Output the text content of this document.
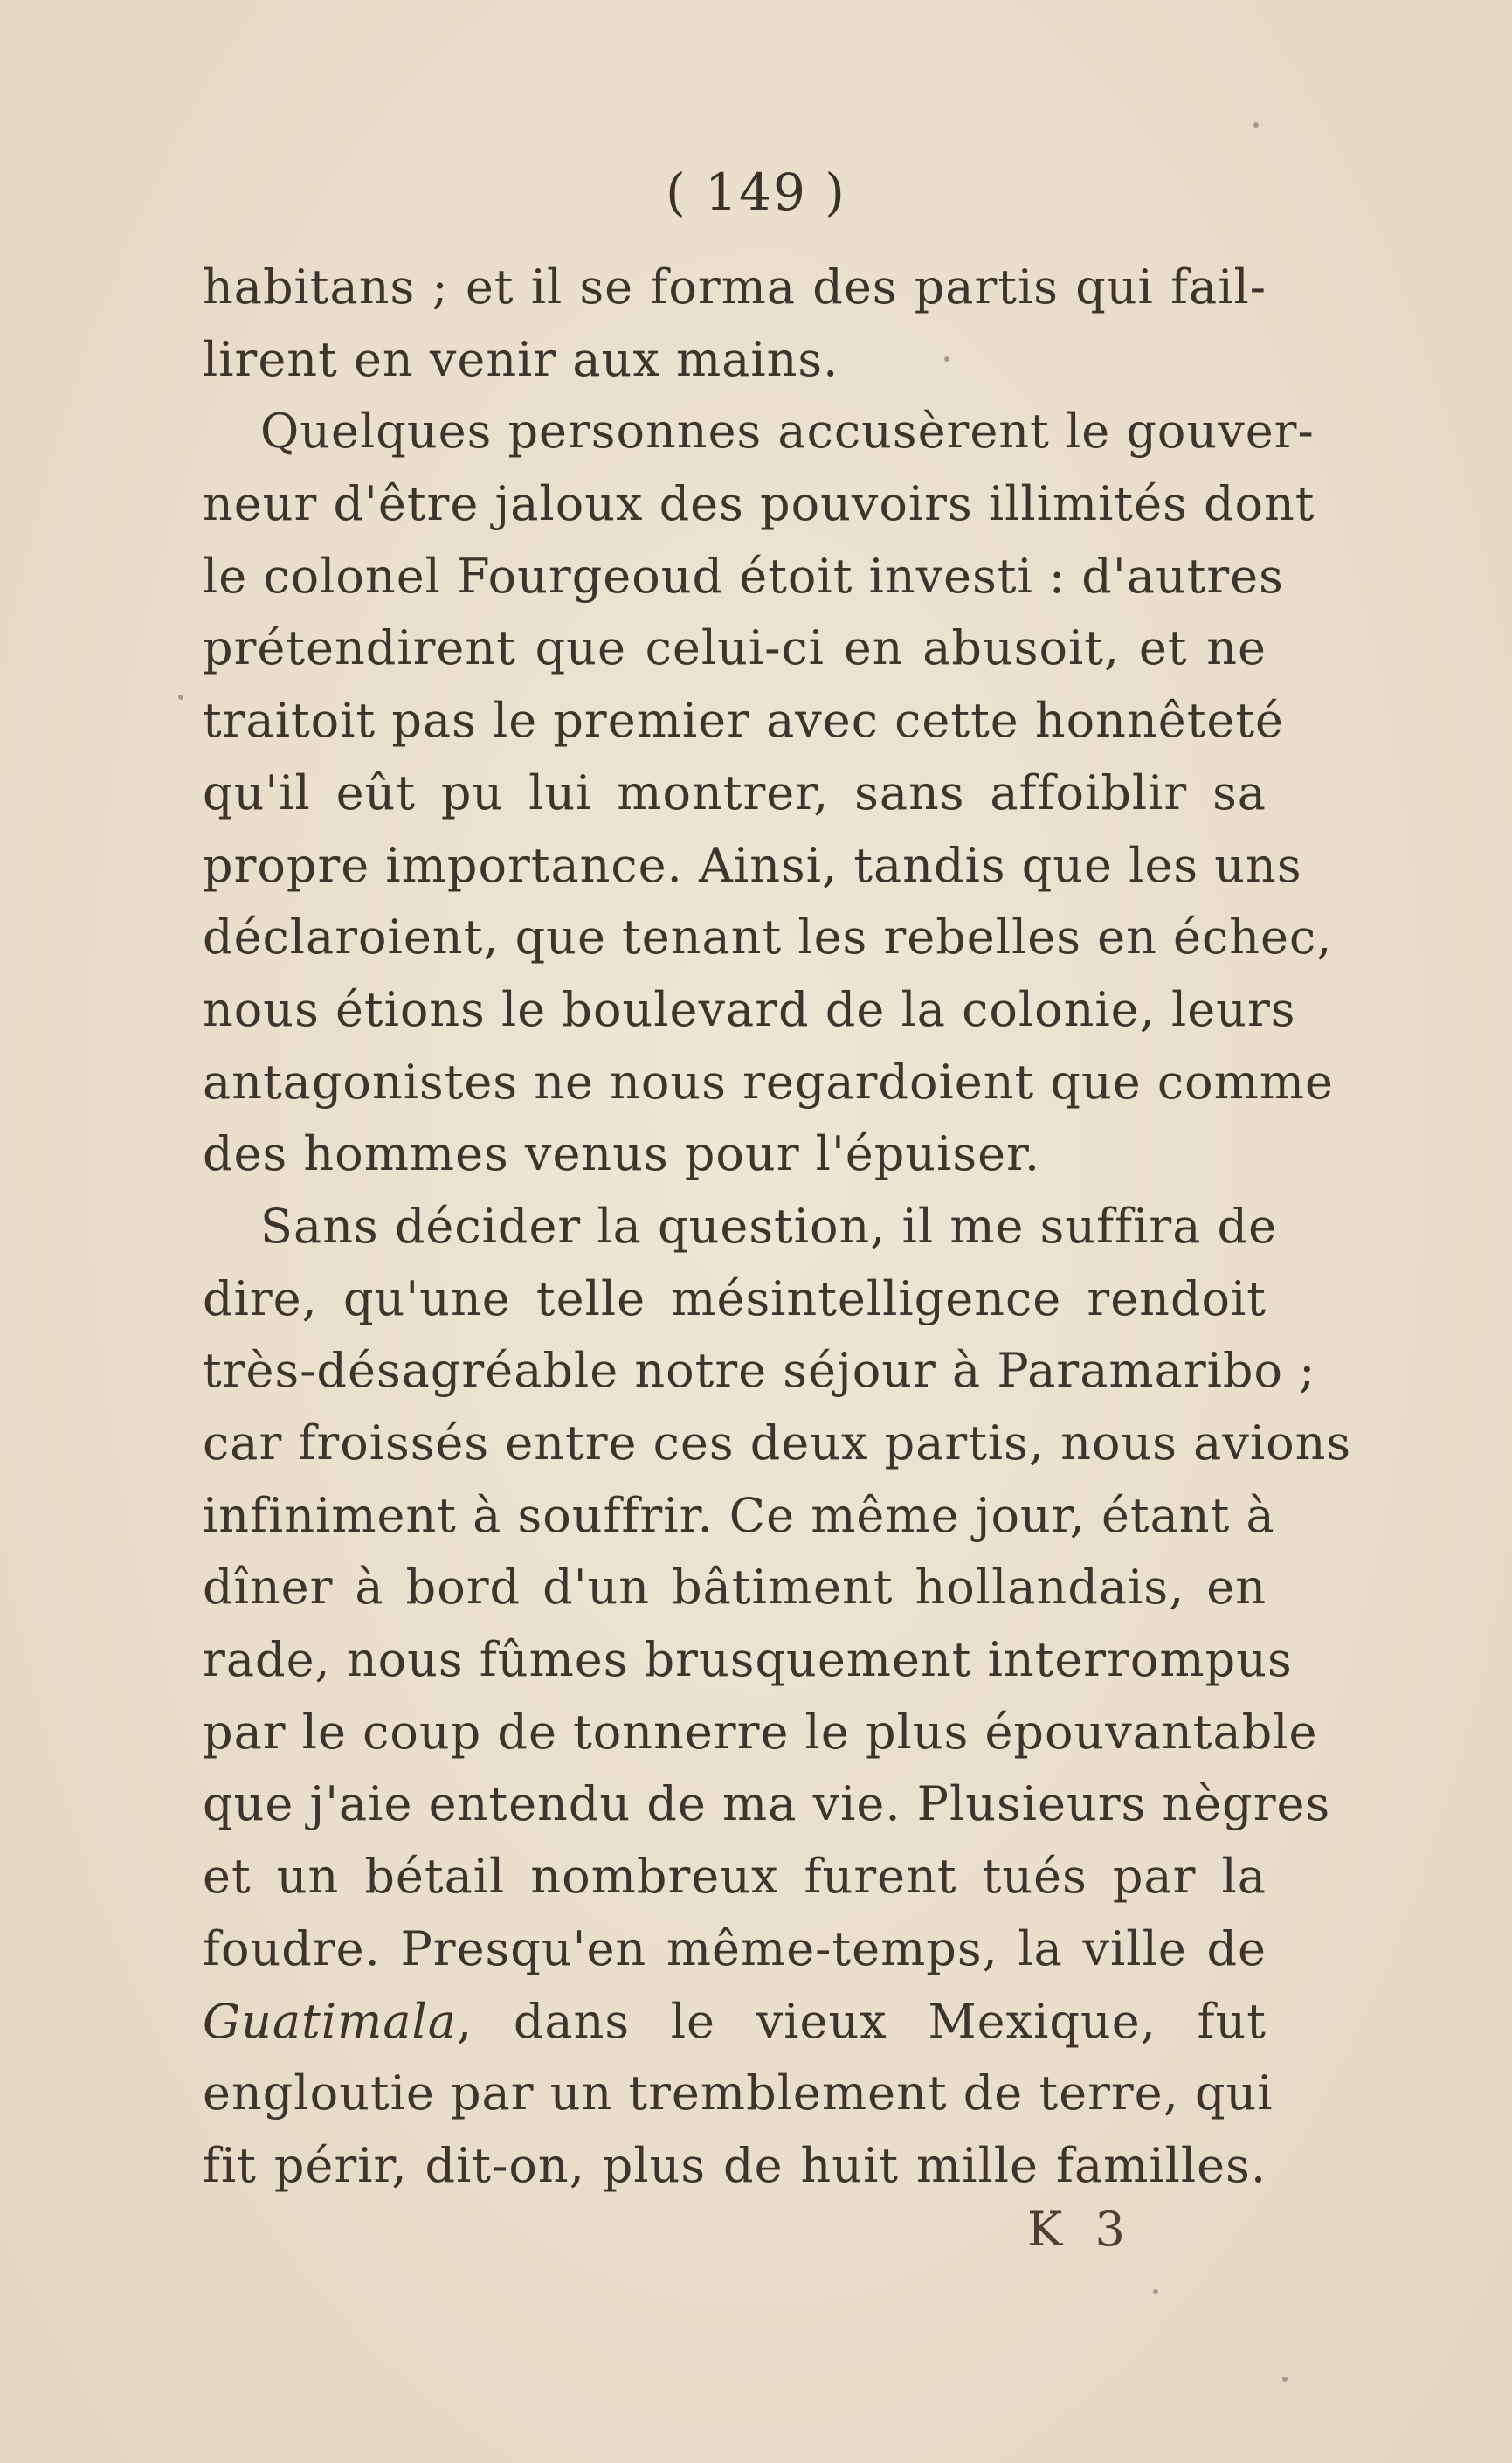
( 149 )
habitans ; et il se forma des partis qui fail-
lirent en venir aux mains.
Quelques personnes accusèrent le gouver-
neur d'être jaloux des pouvoirs illimités dont
le colonel Fourgeoud étoit investi : d'autres
prétendirent que celui-ci en abusoit, et ne
traitoit pas le premier avec cette honnêteté
qu'il eût pu lui montrer, sans affoiblir sa
propre importance. Ainsi, tandis que les uns
déclaroient, que tenant les rebelles en échec,
nous étions le boulevard de la colonie, leurs
antagonistes ne nous regardoient que comme
des hommes venus pour l'épuiser.
Sans décider la question, il me suffira de
dire, qu'une telle mésintelligence rendoit
très-désagréable notre séjour à Paramaribo ;
car froissés entre ces deux partis, nous avions
infiniment à souffrir. Ce même jour, étant à
dîner à bord d'un bâtiment hollandais, en
rade, nous fûmes brusquement interrompus
par le coup de tonnerre le plus épouvantable
que j'aie entendu de ma vie. Plusieurs nègres
et un bétail nombreux furent tués par la
foudre. Presqu'en même-temps, la ville de
Guatimala, dans le vieux Mexique, fut
engloutie par un tremblement de terre, qui
fit périr, dit-on, plus de huit mille familles.
K 3
